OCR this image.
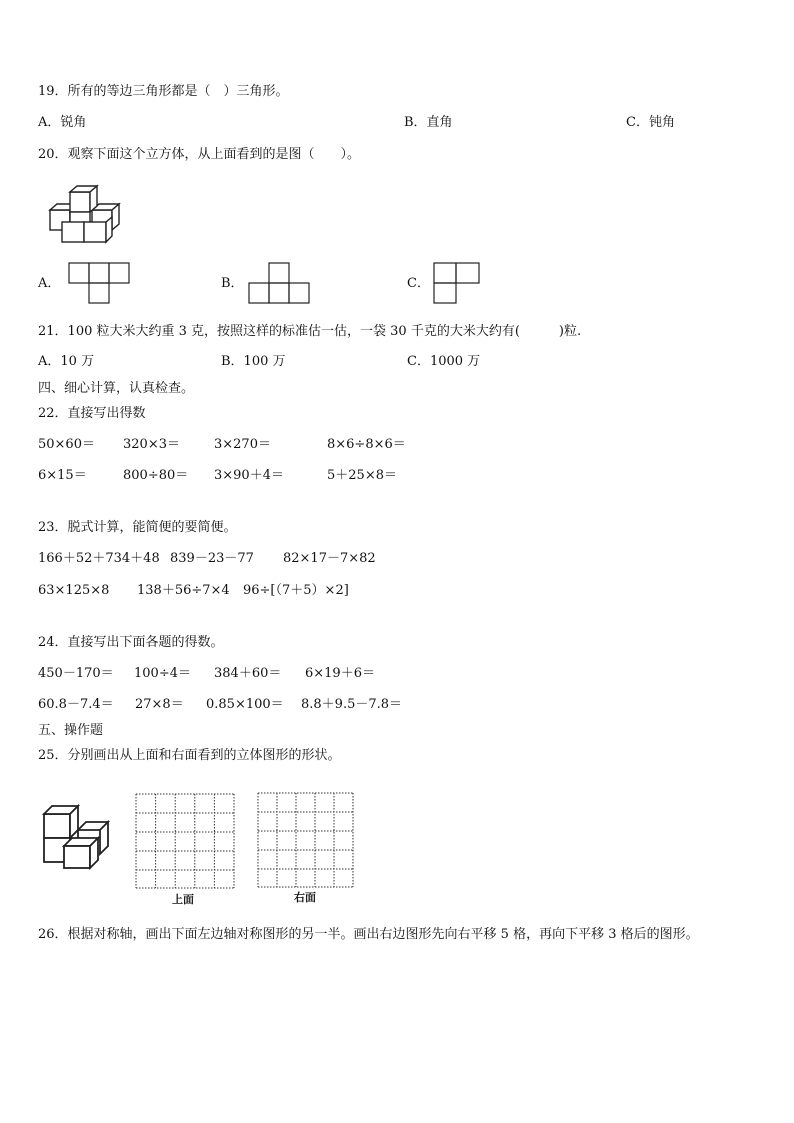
19．所有的等边三角形都是（　）三角形。
A．锐角	B．直角	C．钝角
20．观察下面这个立方体，从上面看到的是图（　　）。
A．	B．	C．
21．100 粒大米大约重 3 克，按照这样的标准估一估，一袋 30 千克的大米大约有(　　　)粒.
A．10 万	B．100 万	C．1000 万
四、细心计算，认真检查。
22．直接写出得数
50×60＝ 320×3＝	3×270＝	8×6÷8×6＝
6×15＝	800÷80＝ 3×90＋4＝	5＋25×8＝
23．脱式计算，能简便的要简便。
166＋52＋734＋48 839－23－77 82×17－7×82
63×125×8 138＋56÷7×4 96÷[（7＋5）×2]
24．直接写出下面各题的得数。
450－170＝ 100÷4＝ 384＋60＝ 6×19＋6＝
60.8－7.4＝ 27×8＝ 0.85×100＝ 8.8＋9.5－7.8＝
五、操作题
25．分别画出从上面和右面看到的立体图形的形状。
上面	右面
26．根据对称轴，画出下面左边轴对称图形的另一半。画出右边图形先向右平移 5 格，再向下平移 3 格后的图形。
